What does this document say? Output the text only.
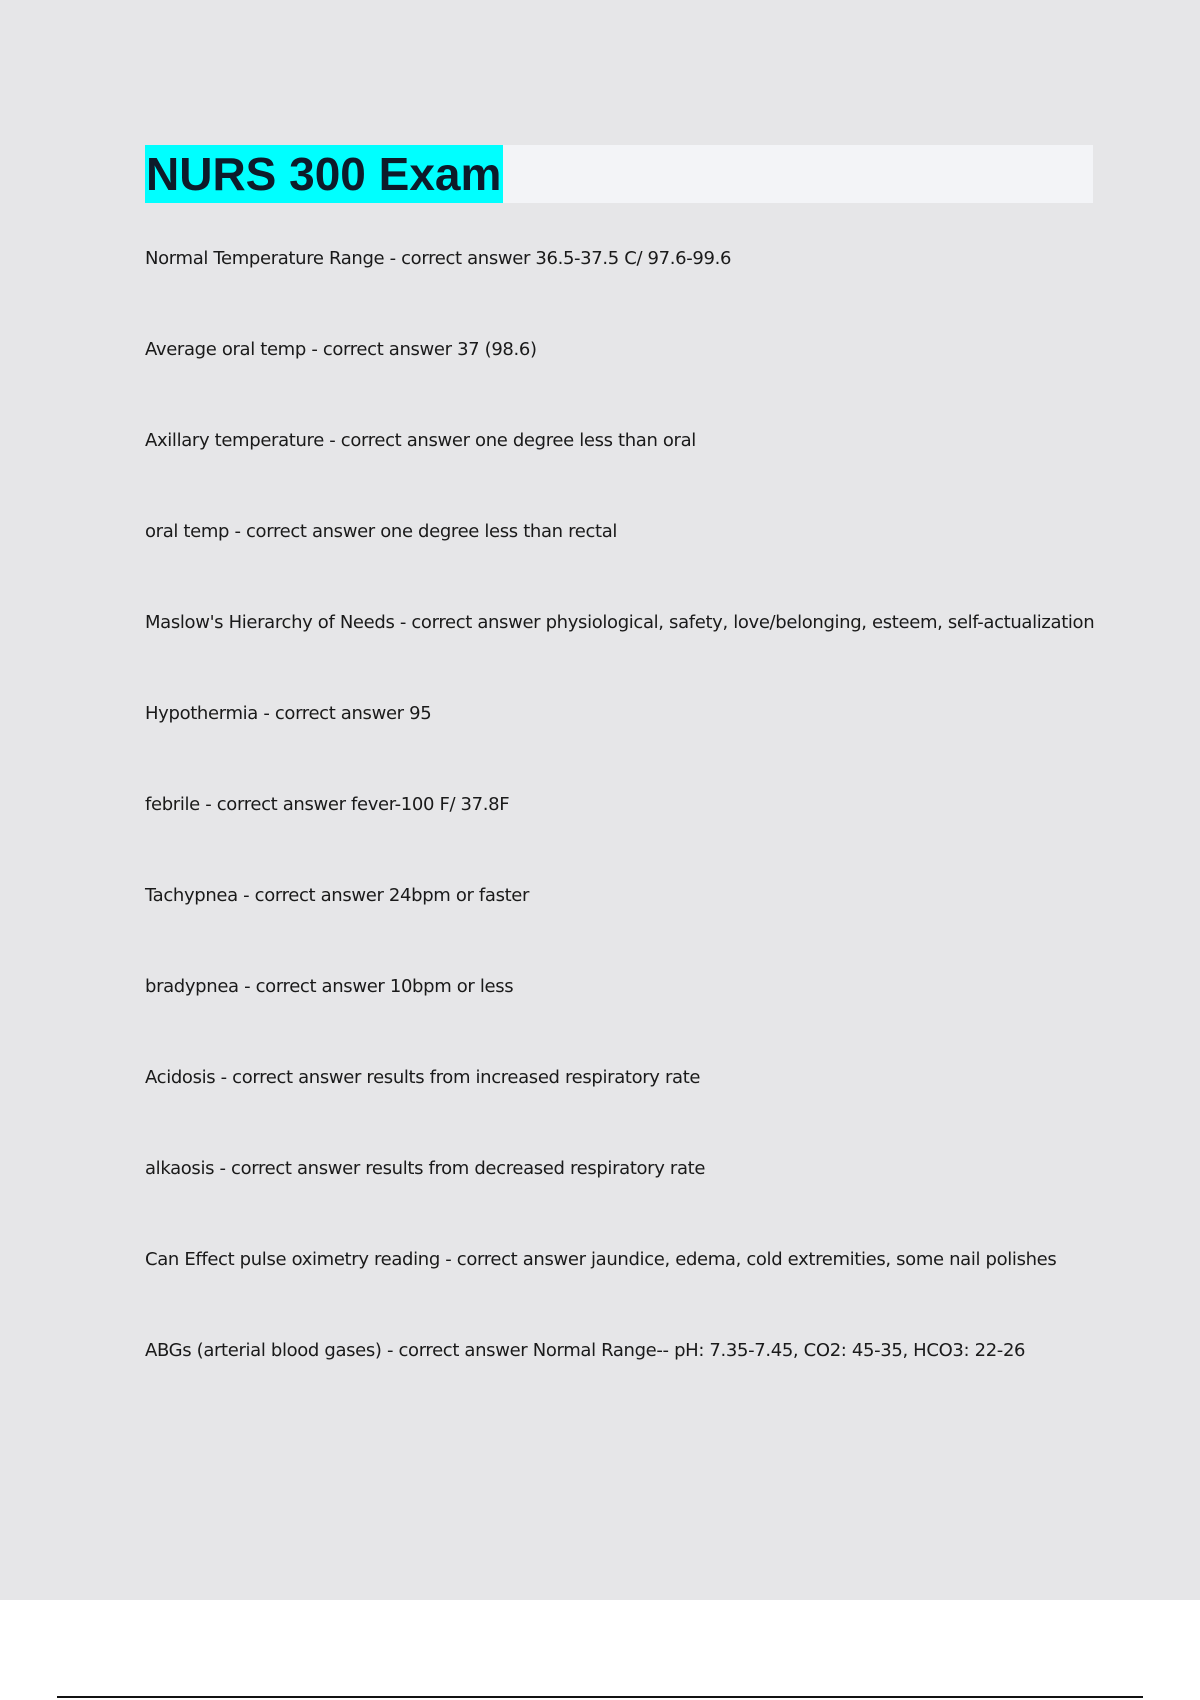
NURS 300 Exam
Normal Temperature Range - correct answer 36.5-37.5 C/ 97.6-99.6
Average oral temp - correct answer 37 (98.6)
Axillary temperature - correct answer one degree less than oral
oral temp - correct answer one degree less than rectal
Maslow's Hierarchy of Needs - correct answer physiological, safety, love/belonging, esteem, self-actualization
Hypothermia - correct answer 95
febrile - correct answer fever-100 F/ 37.8F
Tachypnea - correct answer 24bpm or faster
bradypnea - correct answer 10bpm or less
Acidosis - correct answer results from increased respiratory rate
alkaosis - correct answer results from decreased respiratory rate
Can Effect pulse oximetry reading - correct answer jaundice, edema, cold extremities, some nail polishes
ABGs (arterial blood gases) - correct answer Normal Range-- pH: 7.35-7.45, CO2: 45-35, HCO3: 22-26
